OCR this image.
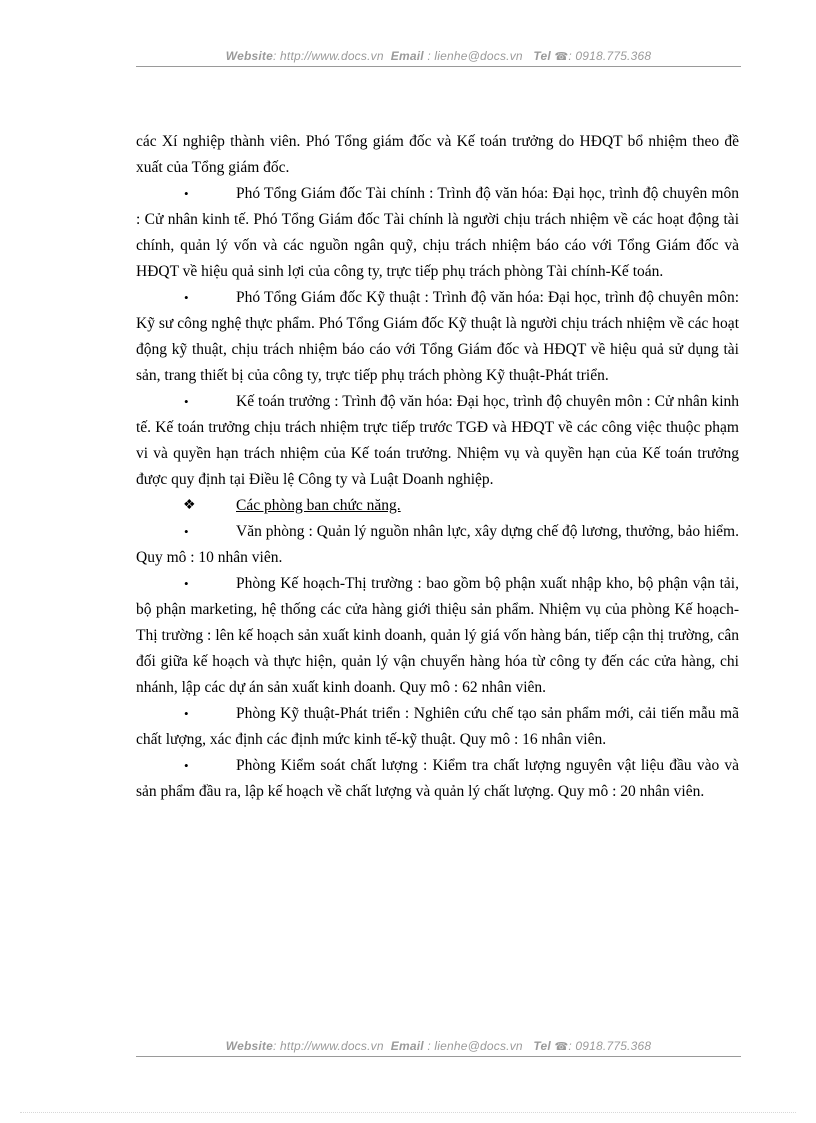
Website: http://www.docs.vn Email : lienhe@docs.vn Tel ☎: 0918.775.368

các Xí nghiệp thành viên. Phó Tổng giám đốc và Kế toán trưởng do HĐQT bổ nhiệm theo đề xuất của Tổng giám đốc.

•	Phó Tổng Giám đốc Tài chính : Trình độ văn hóa: Đại học, trình độ chuyên môn : Cử nhân kinh tế. Phó Tổng Giám đốc Tài chính là người chịu trách nhiệm về các hoạt động tài chính, quản lý vốn và các nguồn ngân quỹ, chịu trách nhiệm báo cáo với Tổng Giám đốc và HĐQT về hiệu quả sinh lợi của công ty, trực tiếp phụ trách phòng Tài chính-Kế toán.

•	Phó Tổng Giám đốc Kỹ thuật : Trình độ văn hóa: Đại học, trình độ chuyên môn: Kỹ sư công nghệ thực phẩm. Phó Tổng Giám đốc Kỹ thuật là người chịu trách nhiệm về các hoạt động kỹ thuật, chịu trách nhiệm báo cáo với Tổng Giám đốc và HĐQT về hiệu quả sử dụng tài sản, trang thiết bị của công ty, trực tiếp phụ trách phòng Kỹ thuật-Phát triển.

•	Kế toán trưởng : Trình độ văn hóa: Đại học, trình độ chuyên môn : Cử nhân kinh tế. Kế toán trưởng chịu trách nhiệm trực tiếp trước TGĐ và HĐQT về các công việc thuộc phạm vi và quyền hạn trách nhiệm của Kế toán trưởng. Nhiệm vụ và quyền hạn của Kế toán trưởng được quy định tại Điều lệ Công ty và Luật Doanh nghiệp.

❖	Các phòng ban chức năng.

•	Văn phòng : Quản lý nguồn nhân lực, xây dựng chế độ lương, thưởng, bảo hiểm. Quy mô : 10 nhân viên.

•	Phòng Kế hoạch-Thị trường : bao gồm bộ phận xuất nhập kho, bộ phận vận tải, bộ phận marketing, hệ thống các cửa hàng giới thiệu sản phẩm. Nhiệm vụ của phòng Kế hoạch-Thị trường : lên kế hoạch sản xuất kinh doanh, quản lý giá vốn hàng bán, tiếp cận thị trường, cân đối giữa kế hoạch và thực hiện, quản lý vận chuyển hàng hóa từ công ty đến các cửa hàng, chi nhánh, lập các dự án sản xuất kinh doanh. Quy mô : 62 nhân viên.

•	Phòng Kỹ thuật-Phát triển : Nghiên cứu chế tạo sản phẩm mới, cải tiến mẫu mã chất lượng, xác định các định mức kinh tế-kỹ thuật. Quy mô : 16 nhân viên.

•	Phòng Kiểm soát chất lượng : Kiểm tra chất lượng nguyên vật liệu đầu vào và sản phẩm đầu ra, lập kế hoạch về chất lượng và quản lý chất lượng. Quy mô : 20 nhân viên.

Website: http://www.docs.vn Email : lienhe@docs.vn Tel ☎: 0918.775.368
